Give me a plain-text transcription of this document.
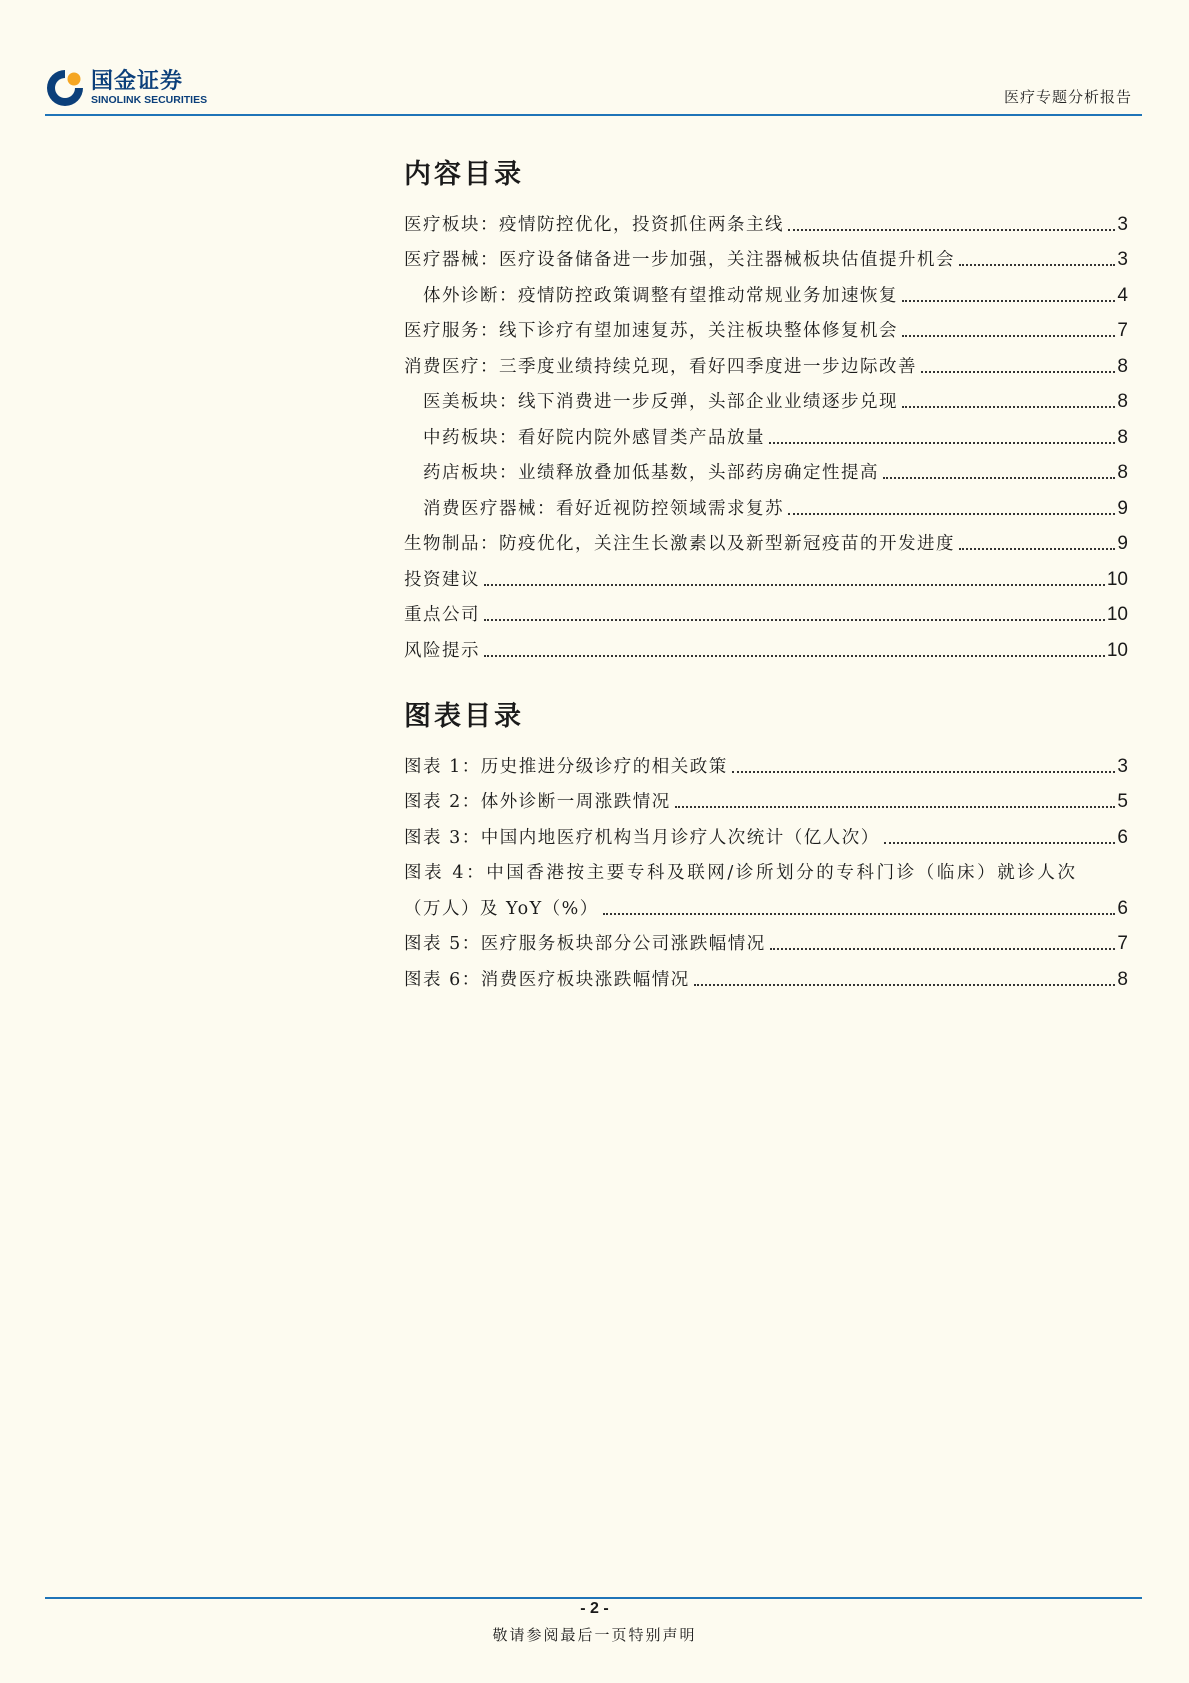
国金证券
SINOLINK SECURITIES	医疗专题分析报告
内容目录
医疗板块：疫情防控优化，投资抓住两条主线	3
医疗器械：医疗设备储备进一步加强，关注器械板块估值提升机会	3
体外诊断：疫情防控政策调整有望推动常规业务加速恢复	4
医疗服务：线下诊疗有望加速复苏，关注板块整体修复机会	7
消费医疗：三季度业绩持续兑现，看好四季度进一步边际改善	8
医美板块：线下消费进一步反弹，头部企业业绩逐步兑现	8
中药板块：看好院内院外感冒类产品放量	8
药店板块：业绩释放叠加低基数，头部药房确定性提高	8
消费医疗器械：看好近视防控领域需求复苏	9
生物制品：防疫优化，关注生长激素以及新型新冠疫苗的开发进度	9
投资建议	10
重点公司	10
风险提示	10
图表目录
图表 1：历史推进分级诊疗的相关政策	3
图表 2：体外诊断一周涨跌情况	5
图表 3：中国内地医疗机构当月诊疗人次统计（亿人次）	6
图表 4：中国香港按主要专科及联网/诊所划分的专科门诊（临床）就诊人次
（万人）及 YoY（%）	6
图表 5：医疗服务板块部分公司涨跌幅情况	7
图表 6：消费医疗板块涨跌幅情况	8
- 2 -
敬请参阅最后一页特别声明
